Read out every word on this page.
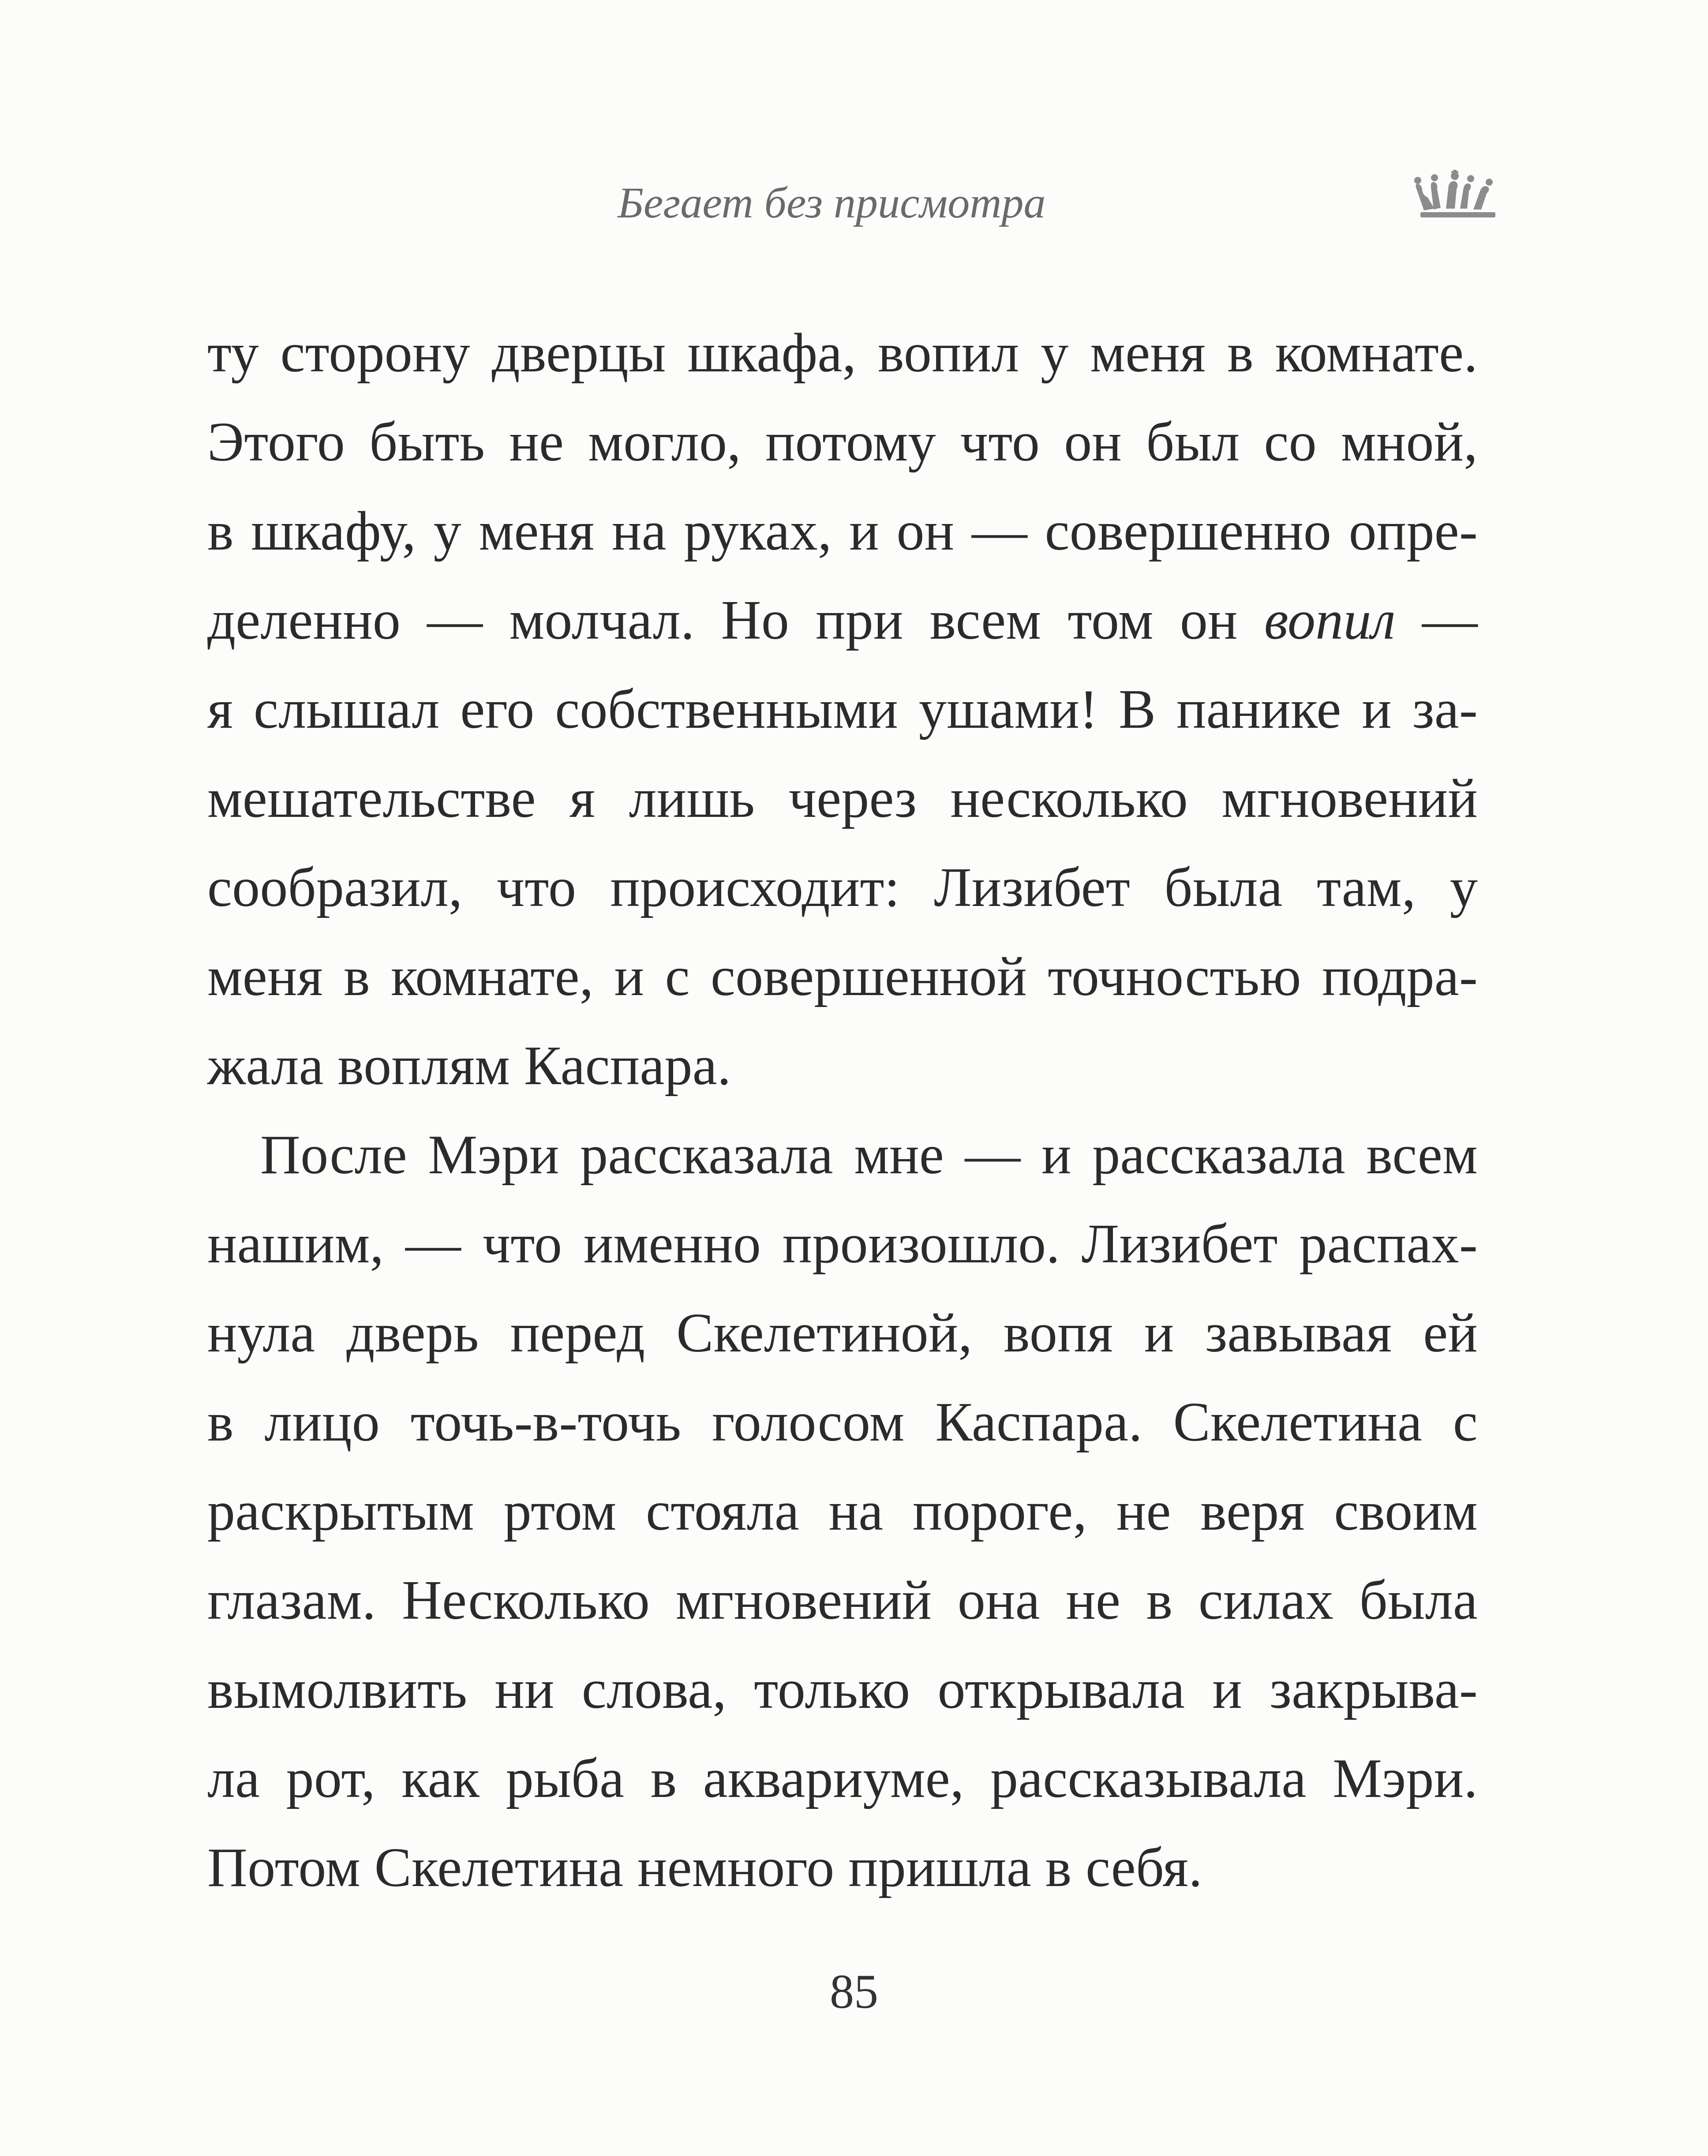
Бегает без присмотра
ту сторону дверцы шкафа, вопил у меня в комнате.
Этого быть не могло, потому что он был со мной,
в шкафу, у меня на руках, и он — совершенно опре-
деленно — молчал. Но при всем том он вопил —
я слышал его собственными ушами! В панике и за-
мешательстве я лишь через несколько мгновений
сообразил, что происходит: Лизибет была там, у
меня в комнате, и с совершенной точностью подра-
жала воплям Каспара.
После Мэри рассказала мне — и рассказала всем
нашим, — что именно произошло. Лизибет распах-
нула дверь перед Скелетиной, вопя и завывая ей
в лицо точь-в-точь голосом Каспара. Скелетина с
раскрытым ртом стояла на пороге, не веря своим
глазам. Несколько мгновений она не в силах была
вымолвить ни слова, только открывала и закрыва-
ла рот, как рыба в аквариуме, рассказывала Мэри.
Потом Скелетина немного пришла в себя.
85
